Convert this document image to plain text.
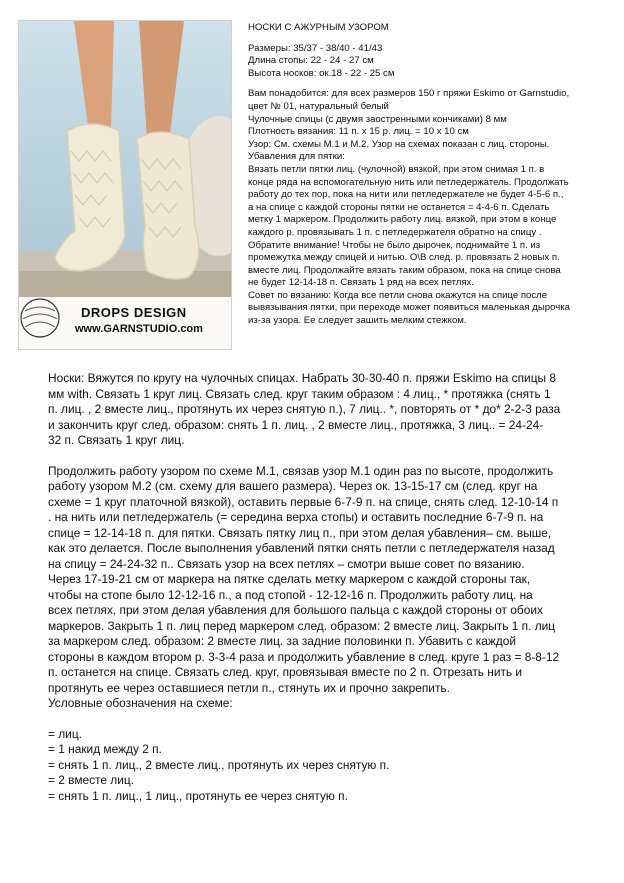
DROPS DESIGN
www.GARNSTUDIO.com

НОСКИ С АЖУРНЫМ УЗОРОМ

Размеры: 35/37 - 38/40 - 41/43

Длина стопы: 22 - 24 - 27 см

Высота носков: ок.18 - 22 - 25 см

Вам понадобится: для всех размеров 150 г пряжи Eskimo от Garnstudio,

цвет № 01, натуральный белый

Чулочные спицы (с двумя заостренными кончиками) 8 мм

Плотность вязания: 11 п. х 15 р. лиц. = 10 х 10 см

Узор: См. схемы М.1 и М.2. Узор на схемах показан с лиц. стороны.

Убавления для пятки:

Вязать петли пятки лиц. (чулочной) вязкой, при этом снимая 1 п. в

конце ряда на вспомогательную нить или петледержатель. Продолжать

работу до тех пор, пока на нити или петледержателе не будет 4-5-6 п.,

а на спице с каждой стороны пятки не останется = 4-4-6 п. Сделать

метку 1 маркером. Продолжить работу лиц. вязкой, при этом в конце

каждого р. провязывать 1 п. с петледержателя обратно на спицу .

Обратите внимание! Чтобы не было дырочек, поднимайте 1 п. из

промежутка между спицей и нитью. О\В след. р. провязать 2 новых п.

вместе лиц. Продолжайте вязать таким образом, пока на спице снова

не будет 12-14-18 п. Связать 1 ряд на всех петлях.

Совет по вязанию: Когда все петли снова окажутся на спице после

вывязывания пятки, при переходе может появиться маленькая дырочка

из-за узора. Ее следует зашить мелким стежком.

Носки: Вяжутся по кругу на чулочных спицах. Набрать 30-30-40 п. пряжи Eskimo на спицы 8

мм with. Связать 1 круг лиц. Связать след. круг таким образом : 4 лиц., * протяжка (снять 1

п. лиц. , 2 вместе лиц., протянуть их через снятую п.), 7 лиц.. *, повторять от * до* 2-2-3 раза

и закончить круг след. образом: снять 1 п. лиц. , 2 вместе лиц., протяжка, 3 лиц.. = 24-24-

32 п. Связать 1 круг лиц.

Продолжить работу узором по схеме М.1, связав узор М.1 один раз по высоте, продолжить

работу узором М.2 (см. схему для вашего размера). Через ок. 13-15-17 см (след. круг на

схеме = 1 круг платочной вязкой), оставить первые 6-7-9 п. на спице, снять след. 12-10-14 п

. на нить или петледержатель (= середина верха стопы) и оставить последние 6-7-9 п. на

спице = 12-14-18 п. для пятки. Связать пятку лиц п., при этом делая убавления– см. выше,

как это делается. После выполнения убавлений пятки снять петли с петледержателя назад

на спицу = 24-24-32 п.. Связать узор на всех петлях – смотри выше совет по вязанию.

Через 17-19-21 см от маркера на пятке сделать метку маркером с каждой стороны так,

чтобы на стопе было 12-12-16 п., а под стопой - 12-12-16 п. Продолжить работу лиц. на

всех петлях, при этом делая убавления для большого пальца с каждой стороны от обоих

маркеров. Закрыть 1 п. лиц перед маркером след. образом: 2 вместе лиц. Закрыть 1 п. лиц

за маркером след. образом: 2 вместе лиц. за задние половинки п. Убавить с каждой

стороны в каждом втором р. 3-3-4 раза и продолжить убавление в след. круге 1 раз = 8-8-12

п. останется на спице. Связать след. круг, провязывая вместе по 2 п. Отрезать нить и

протянуть ее через оставшиеся петли п., стянуть их и прочно закрепить.

Условные обозначения на схеме:

= лиц.

= 1 накид между 2 п.

= снять 1 п. лиц., 2 вместе лиц., протянуть их через снятую п.

= 2 вместе лиц.

= снять 1 п. лиц., 1 лиц., протянуть ее через снятую п.
